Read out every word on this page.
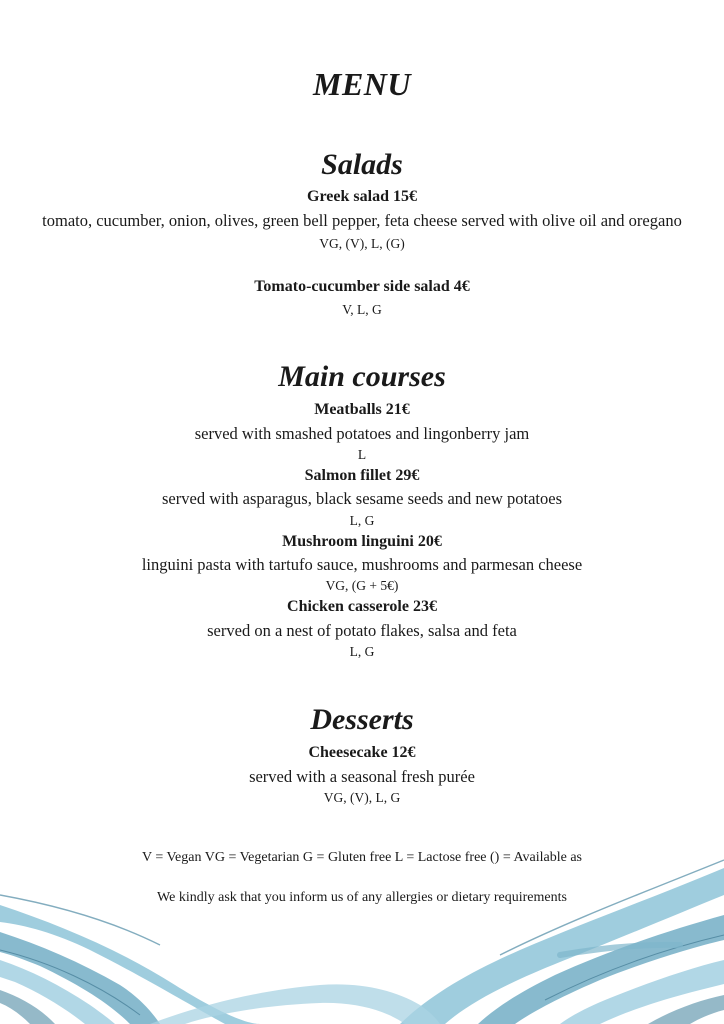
MENU
Salads
Greek salad 15€
tomato, cucumber, onion, olives, green bell pepper, feta cheese served with olive oil and oregano
VG, (V), L, (G)
Tomato-cucumber side salad 4€
V, L, G
Main courses
Meatballs 21€
served with smashed potatoes and lingonberry jam
L
Salmon fillet 29€
served with asparagus, black sesame seeds and new potatoes
L, G
Mushroom linguini 20€
linguini pasta with tartufo sauce, mushrooms and parmesan cheese
VG, (G + 5€)
Chicken casserole 23€
served on a nest of potato flakes, salsa and feta
L, G
Desserts
Cheesecake 12€
served with a seasonal fresh purée
VG, (V), L, G
V = Vegan VG = Vegetarian G = Gluten free L = Lactose free () = Available as
We kindly ask that you inform us of any allergies or dietary requirements
